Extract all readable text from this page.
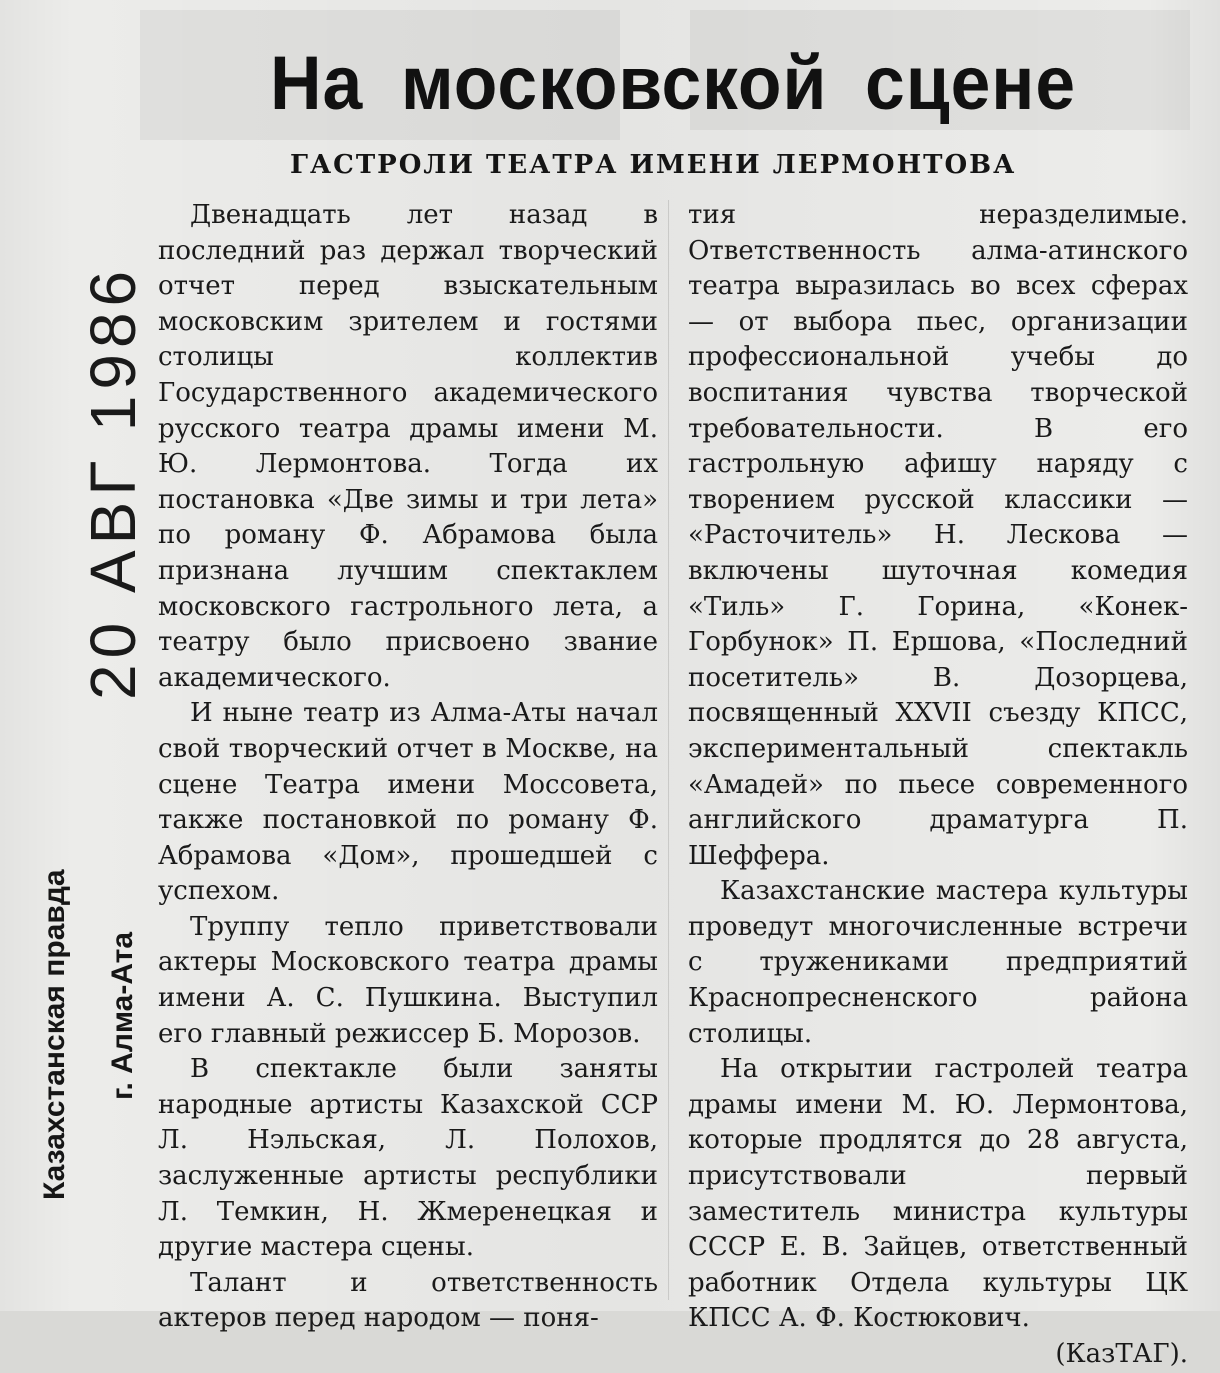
На московской сцене
ГАСТРОЛИ ТЕАТРА ИМЕНИ ЛЕРМОНТОВА

Двенадцать лет назад в последний раз держал творческий отчет перед взыскательным московским зрителем и гостями столицы коллектив Государственного академического русского театра драмы имени М. Ю. Лермонтова. Тогда их постановка «Две зимы и три лета» по роману Ф. Абрамова была признана лучшим спектаклем московского гастрольного лета, а театру было присвоено звание академического.

И ныне театр из Алма-Аты начал свой творческий отчет в Москве, на сцене Театра имени Моссовета, также постановкой по роману Ф. Абрамова «Дом», прошедшей с успехом.

Труппу тепло приветствовали актеры Московского театра драмы имени А. С. Пушкина. Выступил его главный режиссер Б. Морозов.

В спектакле были заняты народные артисты Казахской ССР Л. Нэльская, Л. Полохов, заслуженные артисты республики Л. Темкин, Н. Жмеренецкая и другие мастера сцены.

Талант и ответственность актеров перед народом — поня-

тия неразделимые. Ответственность алма-атинского театра выразилась во всех сферах — от выбора пьес, организации профессиональной учебы до воспитания чувства творческой требовательности. В его гастрольную афишу наряду с творением русской классики — «Расточитель» Н. Лескова — включены шуточная комедия «Тиль» Г. Горина, «Конек-Горбунок» П. Ершова, «Последний посетитель» В. Дозорцева, посвященный XXVII съезду КПСС, экспериментальный спектакль «Амадей» по пьесе современного английского драматурга П. Шеффера.

Казахстанские мастера культуры проведут многочисленные встречи с тружениками предприятий Краснопресненского района столицы.

На открытии гастролей театра драмы имени М. Ю. Лермонтова, которые продлятся до 28 августа, присутствовали первый заместитель министра культуры СССР Е. В. Зайцев, ответственный работник Отдела культуры ЦК КПСС А. Ф. Костюкович.

(КазТАГ).
20 АВГ 1986
Казахстанская правда г. Алма-Ата
